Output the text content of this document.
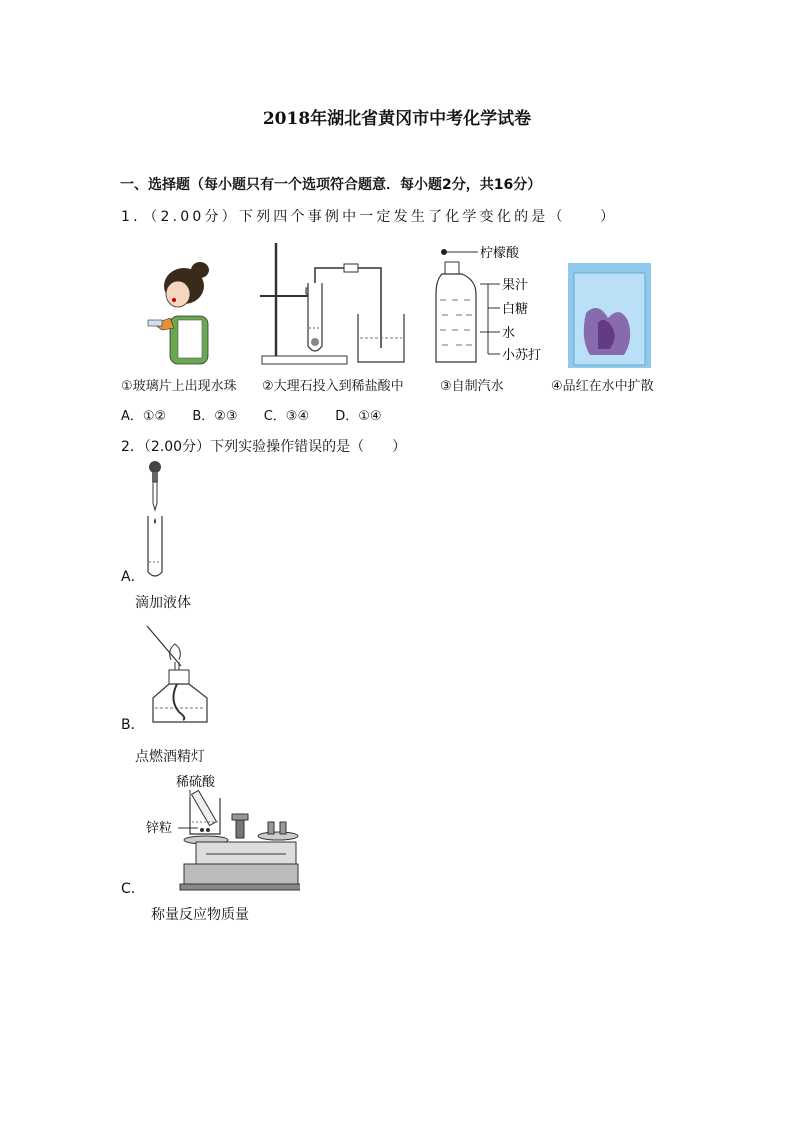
2018年湖北省黄冈市中考化学试卷
一、选择题（每小题只有一个选项符合题意．每小题2分，共16分）
1．（2.00分）下列四个事例中一定发生了化学变化的是（　　）
柠檬酸
果汁
白糖
水
小苏打
①玻璃片上出现水珠 ②大理石投入到稀盐酸中	③自制汽水	④品红在水中扩散
A．①② B．②③ C．③④ D．①④
2．（2.00分）下列实验操作错误的是（　　）
A．
滴加液体
B．
点燃酒精灯
稀硫酸
锌粒
C．
称量反应物质量
